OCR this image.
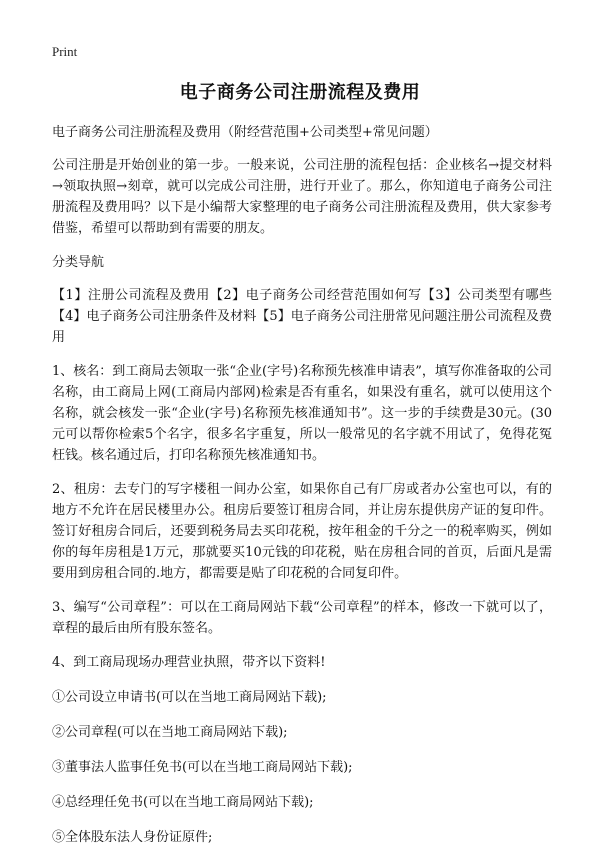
Print
电子商务公司注册流程及费用

电子商务公司注册流程及费用（附经营范围+公司类型+常见问题）

公司注册是开始创业的第一步。一般来说，公司注册的流程包括：企业核名→提交材料→领取执照→刻章，就可以完成公司注册，进行开业了。那么，你知道电子商务公司注册流程及费用吗？以下是小编帮大家整理的电子商务公司注册流程及费用，供大家参考借鉴，希望可以帮助到有需要的朋友。

分类导航

【1】注册公司流程及费用【2】电子商务公司经营范围如何写【3】公司类型有哪些【4】电子商务公司注册条件及材料【5】电子商务公司注册常见问题注册公司流程及费用

1、核名：到工商局去领取一张“企业(字号)名称预先核准申请表”，填写你准备取的公司名称，由工商局上网(工商局内部网)检索是否有重名，如果没有重名，就可以使用这个名称，就会核发一张“企业(字号)名称预先核准通知书”。这一步的手续费是30元。(30元可以帮你检索5个名字，很多名字重复，所以一般常见的名字就不用试了，免得花冤枉钱。核名通过后，打印名称预先核准通知书。

2、租房：去专门的写字楼租一间办公室，如果你自己有厂房或者办公室也可以，有的地方不允许在居民楼里办公。租房后要签订租房合同，并让房东提供房产证的复印件。签订好租房合同后，还要到税务局去买印花税，按年租金的千分之一的税率购买，例如你的每年房租是1万元，那就要买10元钱的印花税，贴在房租合同的首页，后面凡是需要用到房租合同的.地方，都需要是贴了印花税的合同复印件。

3、编写“公司章程”：可以在工商局网站下载“公司章程”的样本，修改一下就可以了，章程的最后由所有股东签名。

4、到工商局现场办理营业执照，带齐以下资料!

①公司设立申请书(可以在当地工商局网站下载);

②公司章程(可以在当地工商局网站下载);

③董事法人监事任免书(可以在当地工商局网站下载);

④总经理任免书(可以在当地工商局网站下载);

⑤全体股东法人身份证原件;
